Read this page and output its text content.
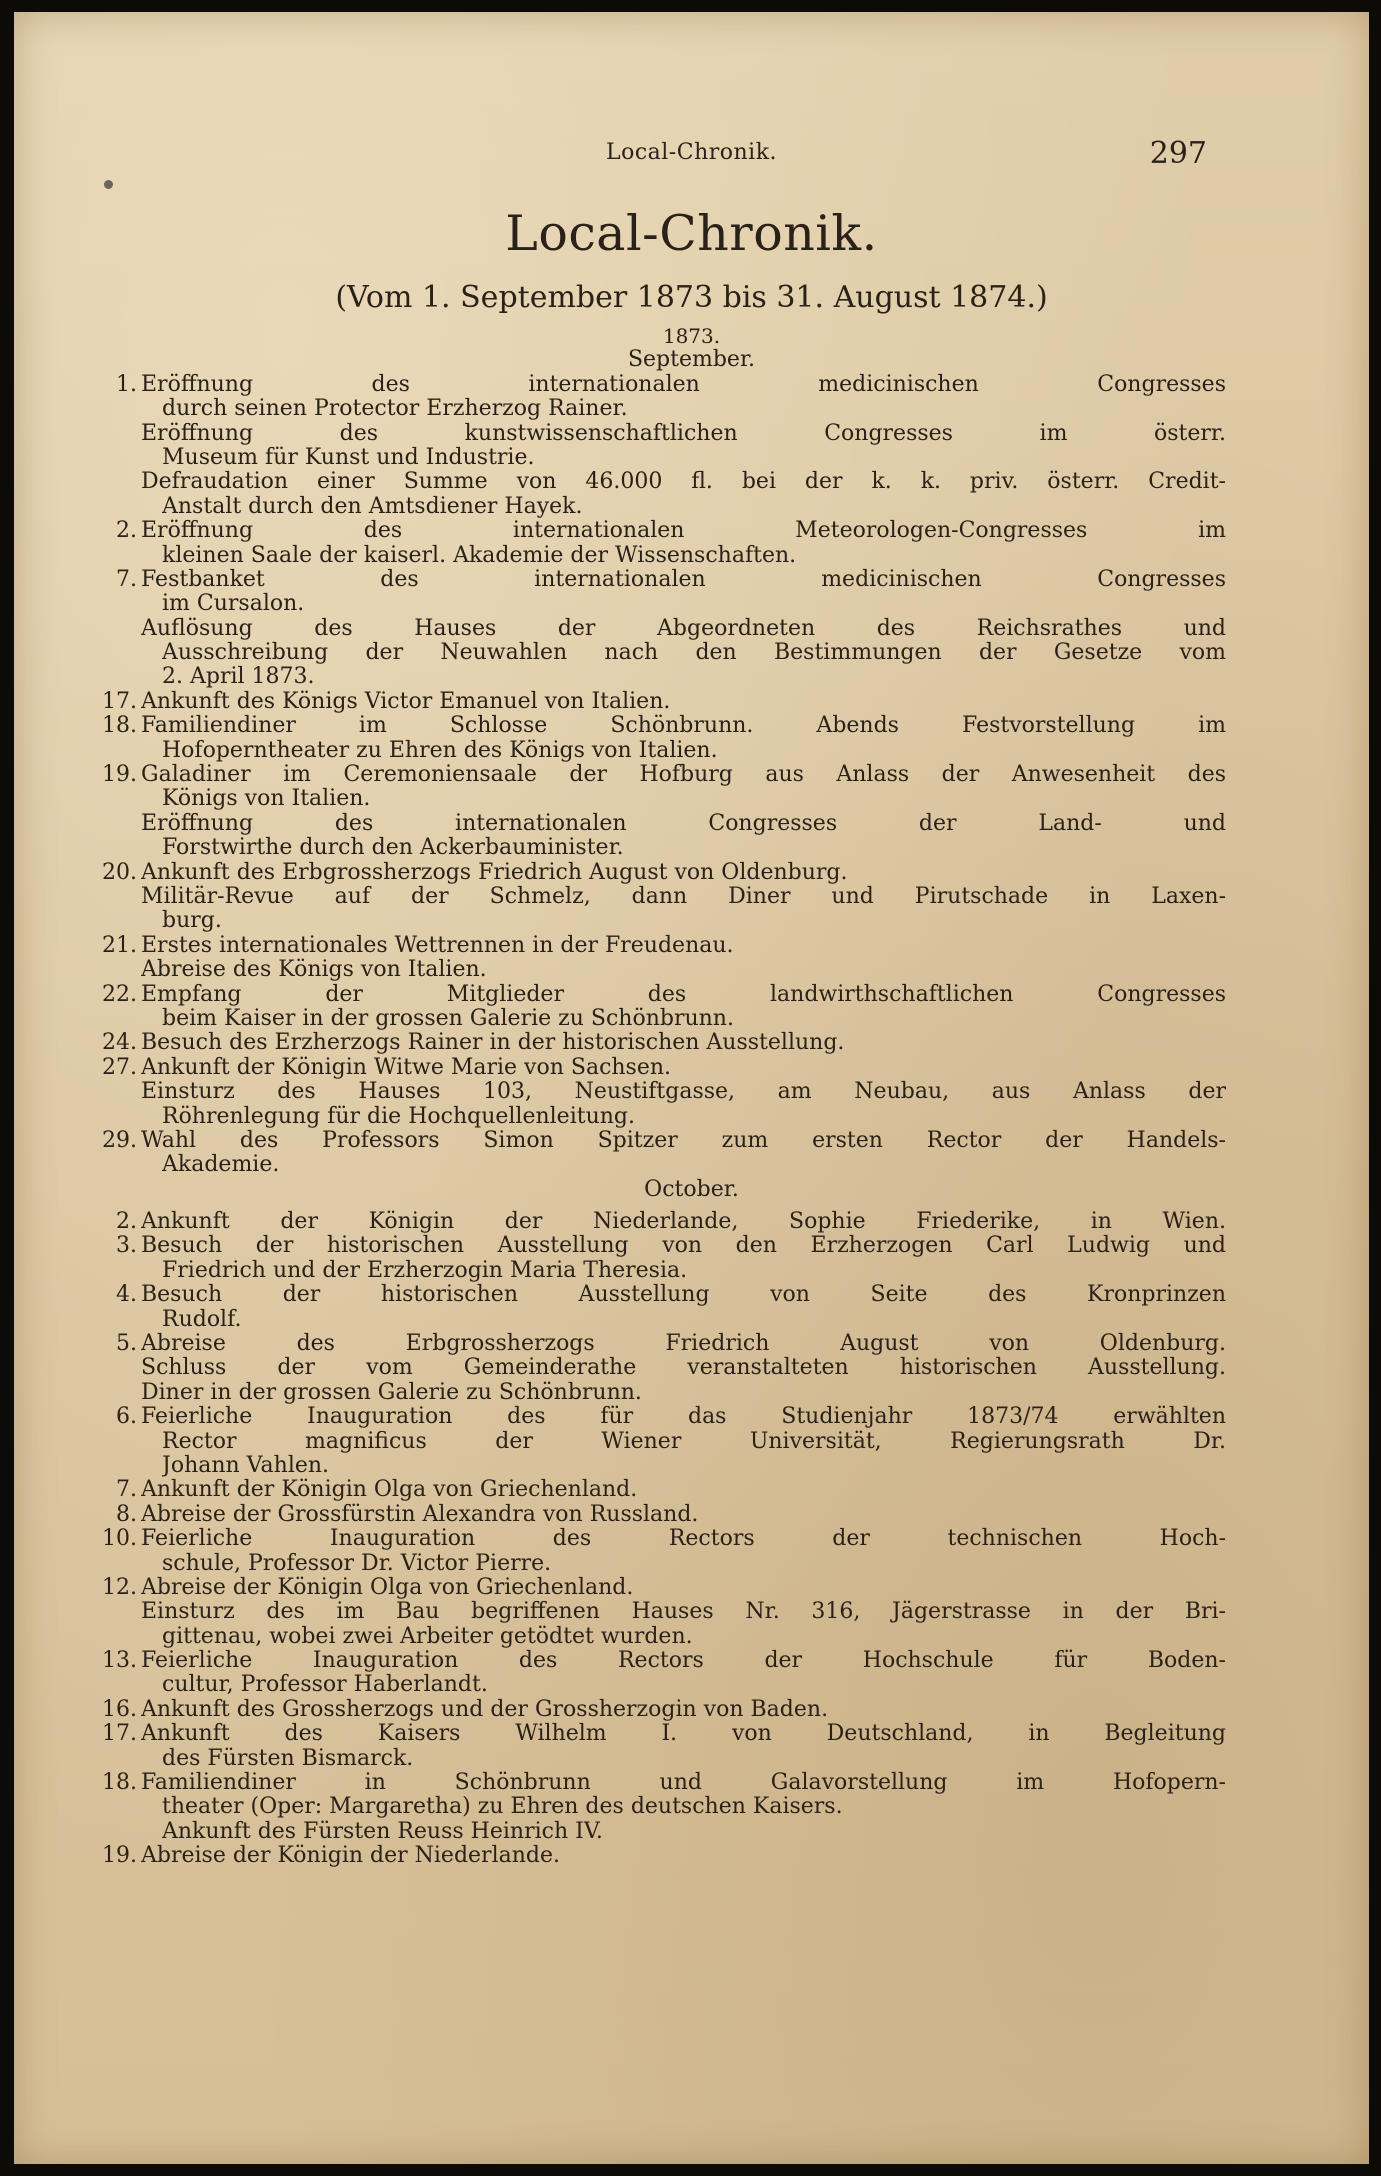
Local-Chronik.	297
Local-Chronik.
(Vom 1. September 1873 bis 31. August 1874.)
1873.
September.
1. Eröffnung des internationalen medicinischen Congresses
durch seinen Protector Erzherzog Rainer.
Eröffnung des kunstwissenschaftlichen Congresses im österr.
Museum für Kunst und Industrie.
Defraudation einer Summe von 46.000 fl. bei der k. k. priv. österr. Credit-
Anstalt durch den Amtsdiener Hayek.
2. Eröffnung des internationalen Meteorologen-Congresses im
kleinen Saale der kaiserl. Akademie der Wissenschaften.
7. Festbanket des internationalen medicinischen Congresses
im Cursalon.
Auflösung des Hauses der Abgeordneten des Reichsrathes und
Ausschreibung der Neuwahlen nach den Bestimmungen der Gesetze vom
2. April 1873.
17. Ankunft des Königs Victor Emanuel von Italien.
18. Familiendiner im Schlosse Schönbrunn. Abends Festvorstellung im
Hofoperntheater zu Ehren des Königs von Italien.
19. Galadiner im Ceremoniensaale der Hofburg aus Anlass der Anwesenheit des
Königs von Italien.
Eröffnung des internationalen Congresses der Land- und
Forstwirthe durch den Ackerbauminister.
20. Ankunft des Erbgrossherzogs Friedrich August von Oldenburg.
Militär-Revue auf der Schmelz, dann Diner und Pirutschade in Laxen-
burg.
21. Erstes internationales Wettrennen in der Freudenau.
Abreise des Königs von Italien.
22. Empfang der Mitglieder des landwirthschaftlichen Congresses
beim Kaiser in der grossen Galerie zu Schönbrunn.
24. Besuch des Erzherzogs Rainer in der historischen Ausstellung.
27. Ankunft der Königin Witwe Marie von Sachsen.
Einsturz des Hauses 103, Neustiftgasse, am Neubau, aus Anlass der
Röhrenlegung für die Hochquellenleitung.
29. Wahl des Professors Simon Spitzer zum ersten Rector der Handels-
Akademie.
October.
2. Ankunft der Königin der Niederlande, Sophie Friederike, in Wien.
3. Besuch der historischen Ausstellung von den Erzherzogen Carl Ludwig und
Friedrich und der Erzherzogin Maria Theresia.
4. Besuch der historischen Ausstellung von Seite des Kronprinzen
Rudolf.
5. Abreise des Erbgrossherzogs Friedrich August von Oldenburg.
Schluss der vom Gemeinderathe veranstalteten historischen Ausstellung.
Diner in der grossen Galerie zu Schönbrunn.
6. Feierliche Inauguration des für das Studienjahr 1873/74 erwählten
Rector magnificus der Wiener Universität, Regierungsrath Dr.
Johann Vahlen.
7. Ankunft der Königin Olga von Griechenland.
8. Abreise der Grossfürstin Alexandra von Russland.
10. Feierliche Inauguration des Rectors der technischen Hoch-
schule, Professor Dr. Victor Pierre.
12. Abreise der Königin Olga von Griechenland.
Einsturz des im Bau begriffenen Hauses Nr. 316, Jägerstrasse in der Bri-
gittenau, wobei zwei Arbeiter getödtet wurden.
13. Feierliche Inauguration des Rectors der Hochschule für Boden-
cultur, Professor Haberlandt.
16. Ankunft des Grossherzogs und der Grossherzogin von Baden.
17. Ankunft des Kaisers Wilhelm I. von Deutschland, in Begleitung
des Fürsten Bismarck.
18. Familiendiner in Schönbrunn und Galavorstellung im Hofopern-
theater (Oper: Margaretha) zu Ehren des deutschen Kaisers.
Ankunft des Fürsten Reuss Heinrich IV.
19. Abreise der Königin der Niederlande.
